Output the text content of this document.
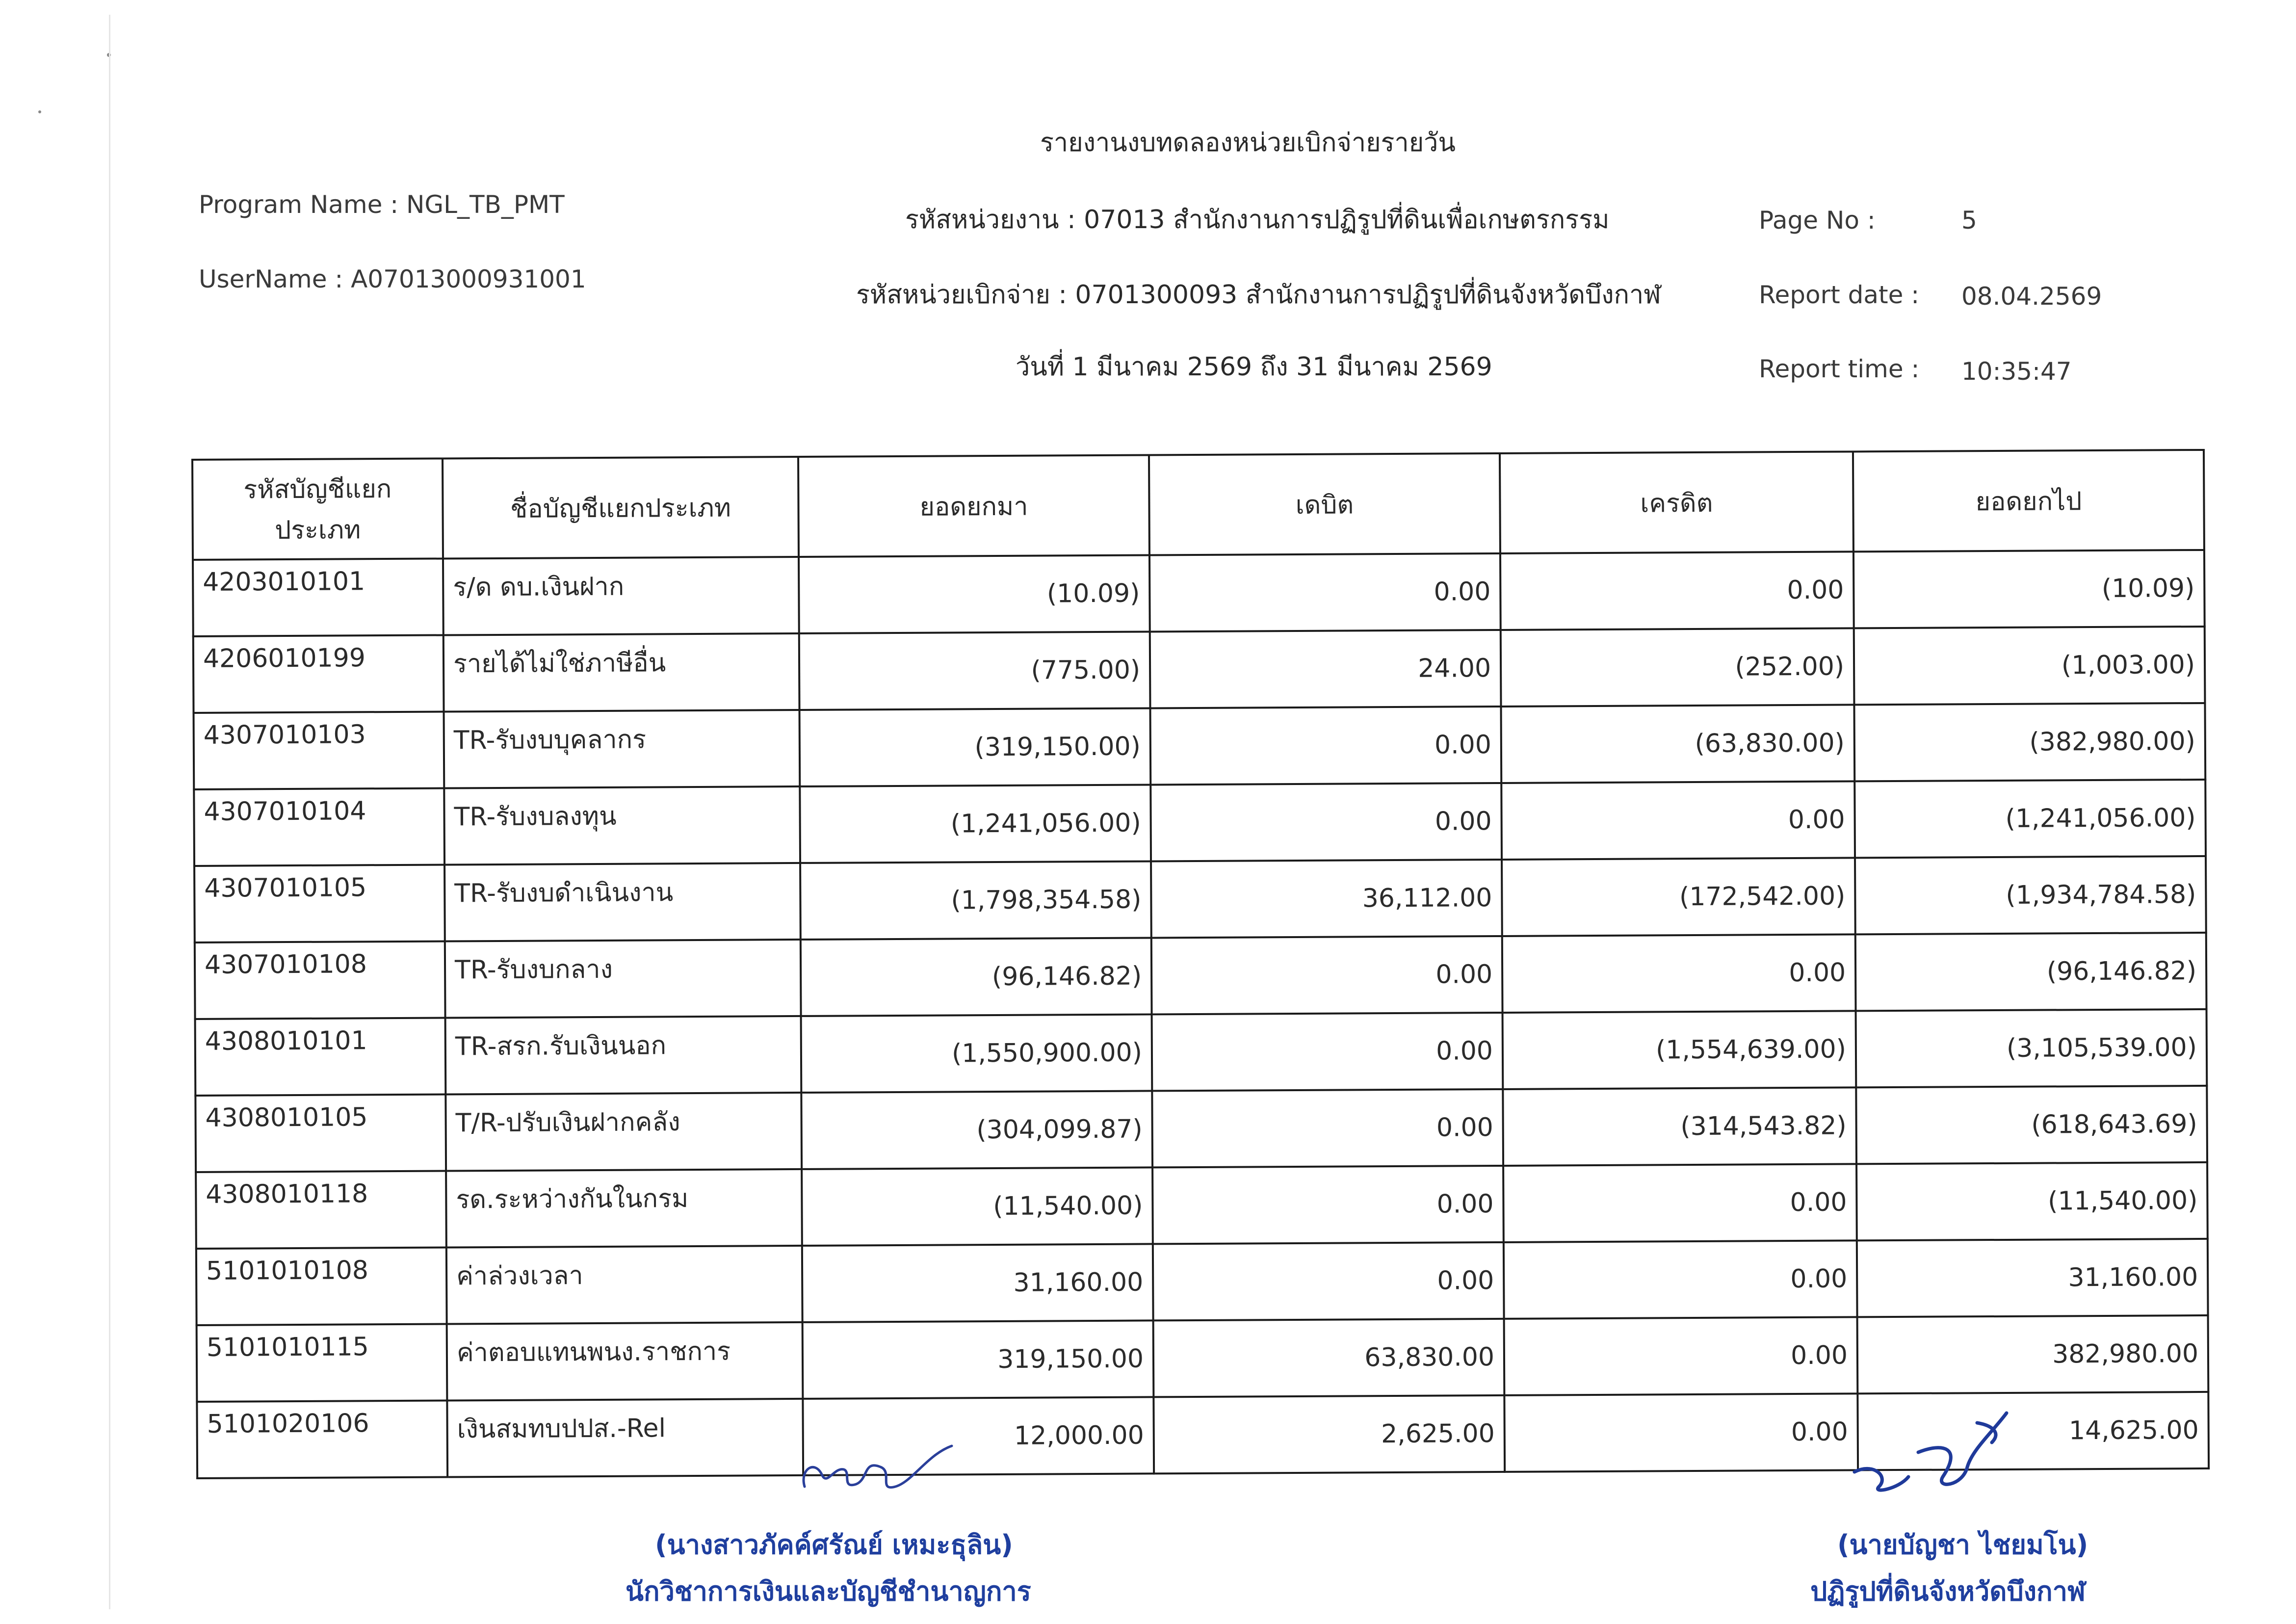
Program Name : NGL_TB_PMT
UserName : A07013000931001
รายงานงบทดลองหน่วยเบิกจ่ายรายวัน
รหัสหน่วยงาน : 07013 สำนักงานการปฏิรูปที่ดินเพื่อเกษตรกรรม
รหัสหน่วยเบิกจ่าย : 0701300093 สำนักงานการปฏิรูปที่ดินจังหวัดบึงกาฬ
วันที่ 1 มีนาคม 2569 ถึง 31 มีนาคม 2569
Page No :	5
Report date : 08.04.2569
Report time : 10:35:47
รหัสบัญชีแยกประเภท	ชื่อบัญชีแยกประเภท	ยอดยกมา	เดบิต	เครดิต	ยอดยกไป
4203010101	ร/ด ดบ.เงินฝาก	(10.09)	0.00	0.00	(10.09)
4206010199	รายได้ไม่ใช่ภาษีอื่น	(775.00)	24.00	(252.00)	(1,003.00)
4307010103	TR-รับงบบุคลากร	(319,150.00)	0.00	(63,830.00)	(382,980.00)
4307010104	TR-รับงบลงทุน	(1,241,056.00)	0.00	0.00	(1,241,056.00)
4307010105	TR-รับงบดำเนินงาน	(1,798,354.58)	36,112.00	(172,542.00)	(1,934,784.58)
4307010108	TR-รับงบกลาง	(96,146.82)	0.00	0.00	(96,146.82)
4308010101	TR-สรก.รับเงินนอก	(1,550,900.00)	0.00	(1,554,639.00)	(3,105,539.00)
4308010105	T/R-ปรับเงินฝากคลัง	(304,099.87)	0.00	(314,543.82)	(618,643.69)
4308010118	รด.ระหว่างกันในกรม	(11,540.00)	0.00	0.00	(11,540.00)
5101010108	ค่าล่วงเวลา	31,160.00	0.00	0.00	31,160.00
5101010115	ค่าตอบแทนพนง.ราชการ	319,150.00	63,830.00	0.00	382,980.00
5101020106	เงินสมทบปปส.-Rel	12,000.00	2,625.00	0.00	14,625.00
(นางสาวภัคค์ศรัณย์ เหมะธุลิน)
นักวิชาการเงินและบัญชีชำนาญการ
(นายบัญชา ไชยมโน)
ปฏิรูปที่ดินจังหวัดบึงกาฬ
